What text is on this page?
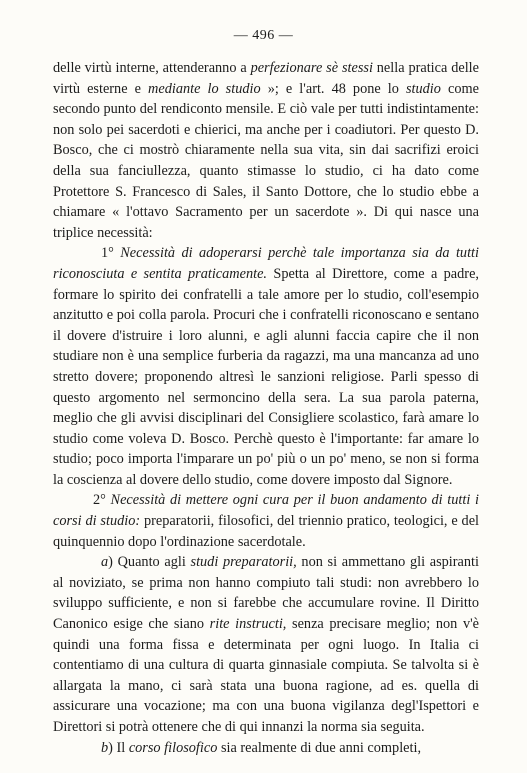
— 496 —

delle virtù interne, attenderanno a perfezionare sè stessi nella pratica delle virtù esterne e mediante lo studio »; e l'art. 48 pone lo studio come secondo punto del rendiconto mensile. E ciò vale per tutti indistintamente: non solo pei sacerdoti e chierici, ma anche per i coadiutori. Per questo D. Bosco, che ci mostrò chiaramente nella sua vita, sin dai sacrifizi eroici della sua fanciullezza, quanto stimasse lo studio, ci ha dato come Protettore S. Francesco di Sales, il Santo Dottore, che lo studio ebbe a chiamare « l'ottavo Sacramento per un sacerdote ». Di qui nasce una triplice necessità:

1° Necessità di adoperarsi perchè tale importanza sia da tutti riconosciuta e sentita praticamente. Spetta al Direttore, come a padre, formare lo spirito dei confratelli a tale amore per lo studio, coll'esempio anzitutto e poi colla parola. Procuri che i confratelli riconoscano e sentano il dovere d'istruire i loro alunni, e agli alunni faccia capire che il non studiare non è una semplice furberia da ragazzi, ma una mancanza ad uno stretto dovere; proponendo altresì le sanzioni religiose. Parli spesso di questo argomento nel sermoncino della sera. La sua parola paterna, meglio che gli avvisi disciplinari del Consigliere scolastico, farà amare lo studio come voleva D. Bosco. Perchè questo è l'importante: far amare lo studio; poco importa l'imparare un po' più o un po' meno, se non si forma la coscienza al dovere dello studio, come dovere imposto dal Signore.

2° Necessità di mettere ogni cura per il buon andamento di tutti i corsi di studio: preparatorii, filosofici, del triennio pratico, teologici, e del quinquennio dopo l'ordinazione sacerdotale.

a) Quanto agli studi preparatorii, non si ammettano gli aspiranti al noviziato, se prima non hanno compiuto tali studi: non avrebbero lo sviluppo sufficiente, e non si farebbe che accumulare rovine. Il Diritto Canonico esige che siano rite instructi, senza precisare meglio; non v'è quindi una forma fissa e determinata per ogni luogo. In Italia ci contentiamo di una cultura di quarta ginnasiale compiuta. Se talvolta si è allargata la mano, ci sarà stata una buona ragione, ad es. quella di assicurare una vocazione; ma con una buona vigilanza degl'Ispettori e Direttori si potrà ottenere che di qui innanzi la norma sia seguita.

b) Il corso filosofico sia realmente di due anni completi,
